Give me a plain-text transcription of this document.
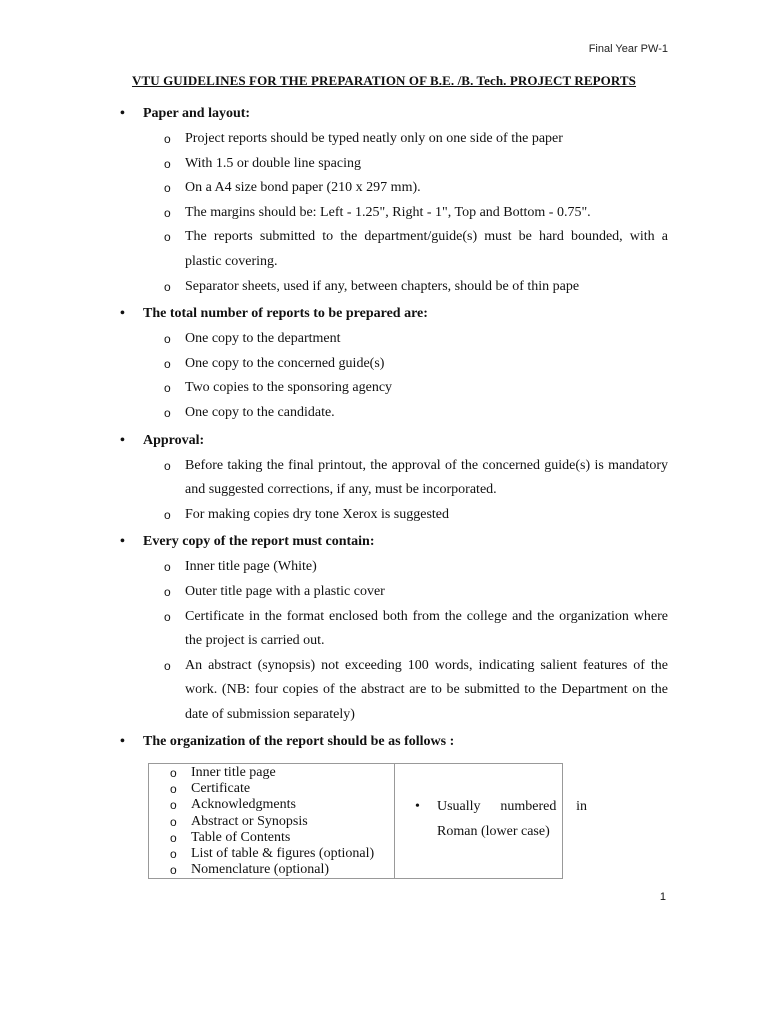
Final Year PW-1
VTU GUIDELINES FOR THE PREPARATION OF B.E. /B. Tech. PROJECT REPORTS
• Paper and layout:
o Project reports should be typed neatly only on one side of the paper
o With 1.5 or double line spacing
o On a A4 size bond paper (210 x 297 mm).
o The margins should be: Left - 1.25", Right - 1", Top and Bottom - 0.75".
o The reports submitted to the department/guide(s) must be hard bounded, with a plastic covering.
o Separator sheets, used if any, between chapters, should be of thin pape
• The total number of reports to be prepared are:
o One copy to the department
o One copy to the concerned guide(s)
o Two copies to the sponsoring agency
o One copy to the candidate.
• Approval:
o Before taking the final printout, the approval of the concerned guide(s) is mandatory and suggested corrections, if any, must be incorporated.
o For making copies dry tone Xerox is suggested
• Every copy of the report must contain:
o Inner title page (White)
o Outer title page with a plastic cover
o Certificate in the format enclosed both from the college and the organization where the project is carried out.
o An abstract (synopsis) not exceeding 100 words, indicating salient features of the work. (NB: four copies of the abstract are to be submitted to the Department on the date of submission separately)
• The organization of the report should be as follows :
o Inner title page
o Certificate
o Acknowledgments
o Abstract or Synopsis
o Table of Contents
o List of table & figures (optional)
o Nomenclature (optional)

• Usually numbered in Roman (lower case)
1
